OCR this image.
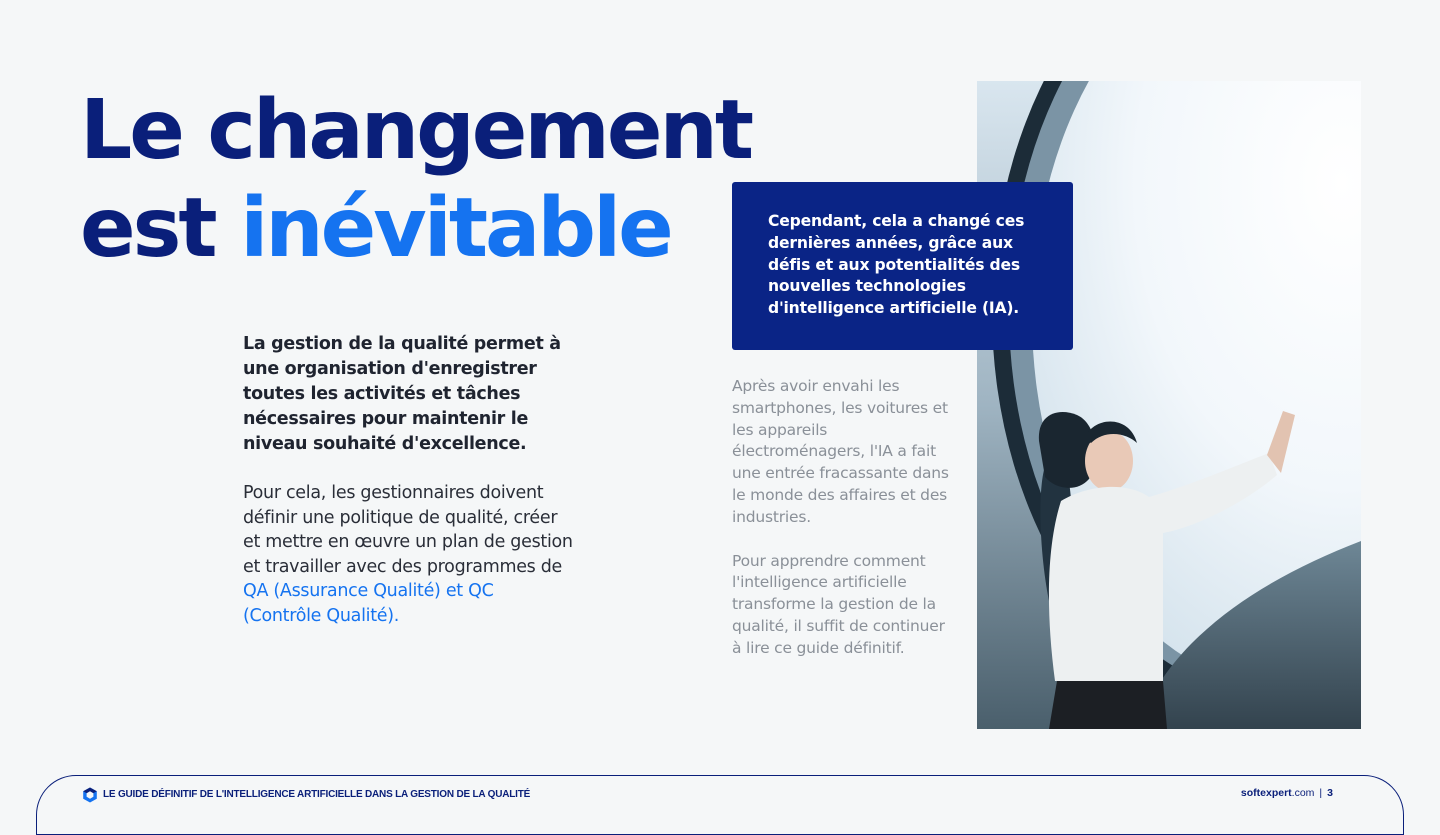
Le changement
est inévitable

La gestion de la qualité permet à une organisation d'enregistrer toutes les activités et tâches nécessaires pour maintenir le niveau souhaité d'excellence.

Pour cela, les gestionnaires doivent définir une politique de qualité, créer et mettre en œuvre un plan de gestion et travailler avec des programmes de QA (Assurance Qualité) et QC (Contrôle Qualité).

Cependant, cela a changé ces dernières années, grâce aux défis et aux potentialités des nouvelles technologies d'intelligence artificielle (IA).

Après avoir envahi les smartphones, les voitures et les appareils électroménagers, l'IA a fait une entrée fracassante dans le monde des affaires et des industries.

Pour apprendre comment l'intelligence artificielle transforme la gestion de la qualité, il suffit de continuer à lire ce guide définitif.

LE GUIDE DÉFINITIF DE L'INTELLIGENCE ARTIFICIELLE DANS LA GESTION DE LA QUALITÉ	softexpert.com | 3
